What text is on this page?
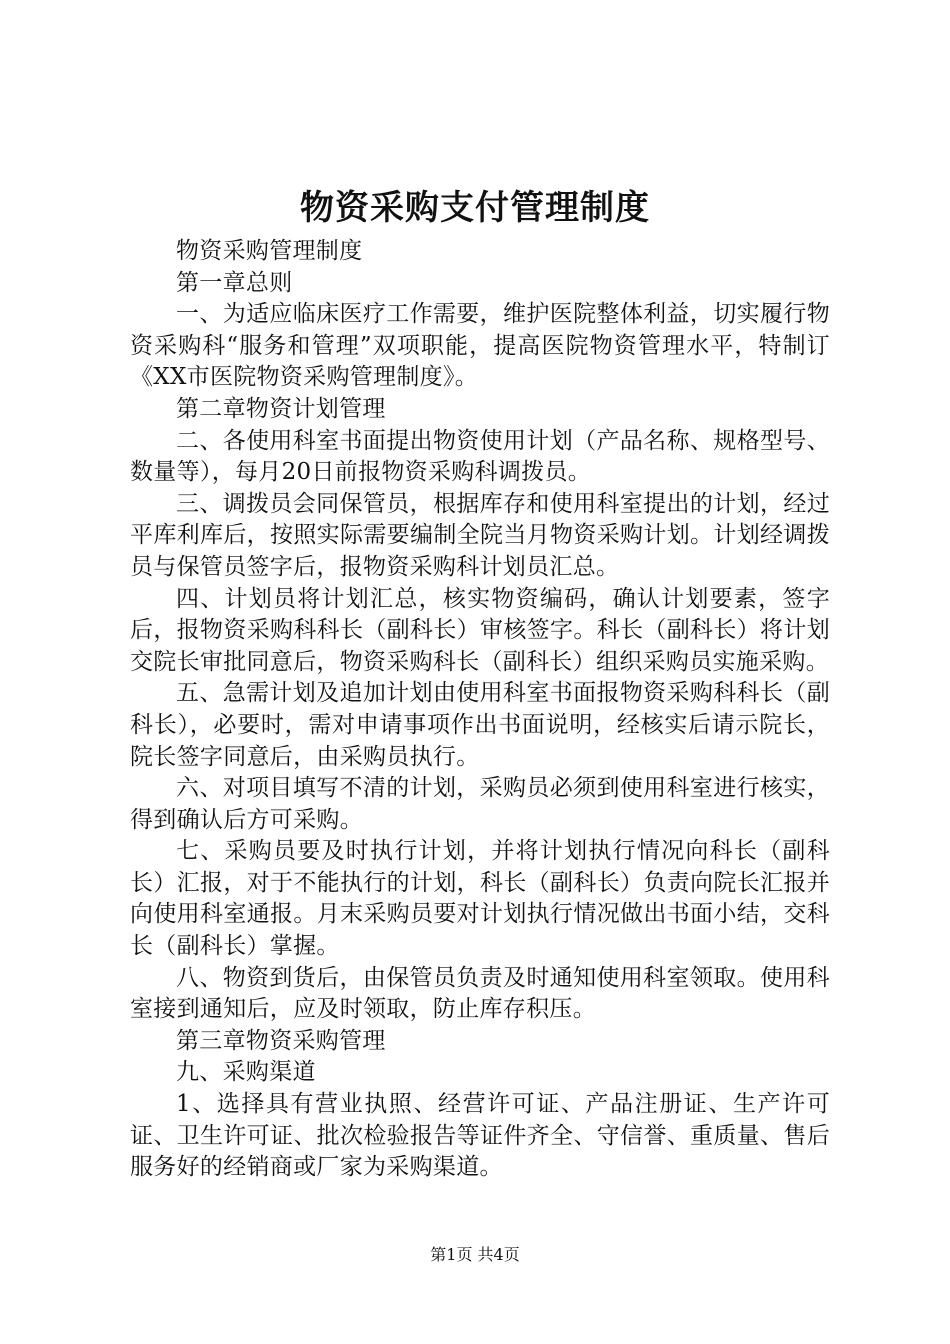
物资采购支付管理制度

物资采购管理制度

第一章总则

一、为适应临床医疗工作需要，维护医院整体利益，切实履行物资采购科“服务和管理”双项职能，提高医院物资管理水平，特制订《XX市医院物资采购管理制度》。

第二章物资计划管理

二、各使用科室书面提出物资使用计划（产品名称、规格型号、数量等），每月20日前报物资采购科调拨员。

三、调拨员会同保管员，根据库存和使用科室提出的计划，经过平库利库后，按照实际需要编制全院当月物资采购计划。计划经调拨员与保管员签字后，报物资采购科计划员汇总。

四、计划员将计划汇总，核实物资编码，确认计划要素，签字后，报物资采购科科长（副科长）审核签字。科长（副科长）将计划交院长审批同意后，物资采购科长（副科长）组织采购员实施采购。

五、急需计划及追加计划由使用科室书面报物资采购科科长（副科长），必要时，需对申请事项作出书面说明，经核实后请示院长，院长签字同意后，由采购员执行。

六、对项目填写不清的计划，采购员必须到使用科室进行核实，得到确认后方可采购。

七、采购员要及时执行计划，并将计划执行情况向科长（副科长）汇报，对于不能执行的计划，科长（副科长）负责向院长汇报并向使用科室通报。月末采购员要对计划执行情况做出书面小结，交科长（副科长）掌握。

八、物资到货后，由保管员负责及时通知使用科室领取。使用科室接到通知后，应及时领取，防止库存积压。

第三章物资采购管理

九、采购渠道

1、选择具有营业执照、经营许可证、产品注册证、生产许可证、卫生许可证、批次检验报告等证件齐全、守信誉、重质量、售后服务好的经销商或厂家为采购渠道。

第1页 共4页
